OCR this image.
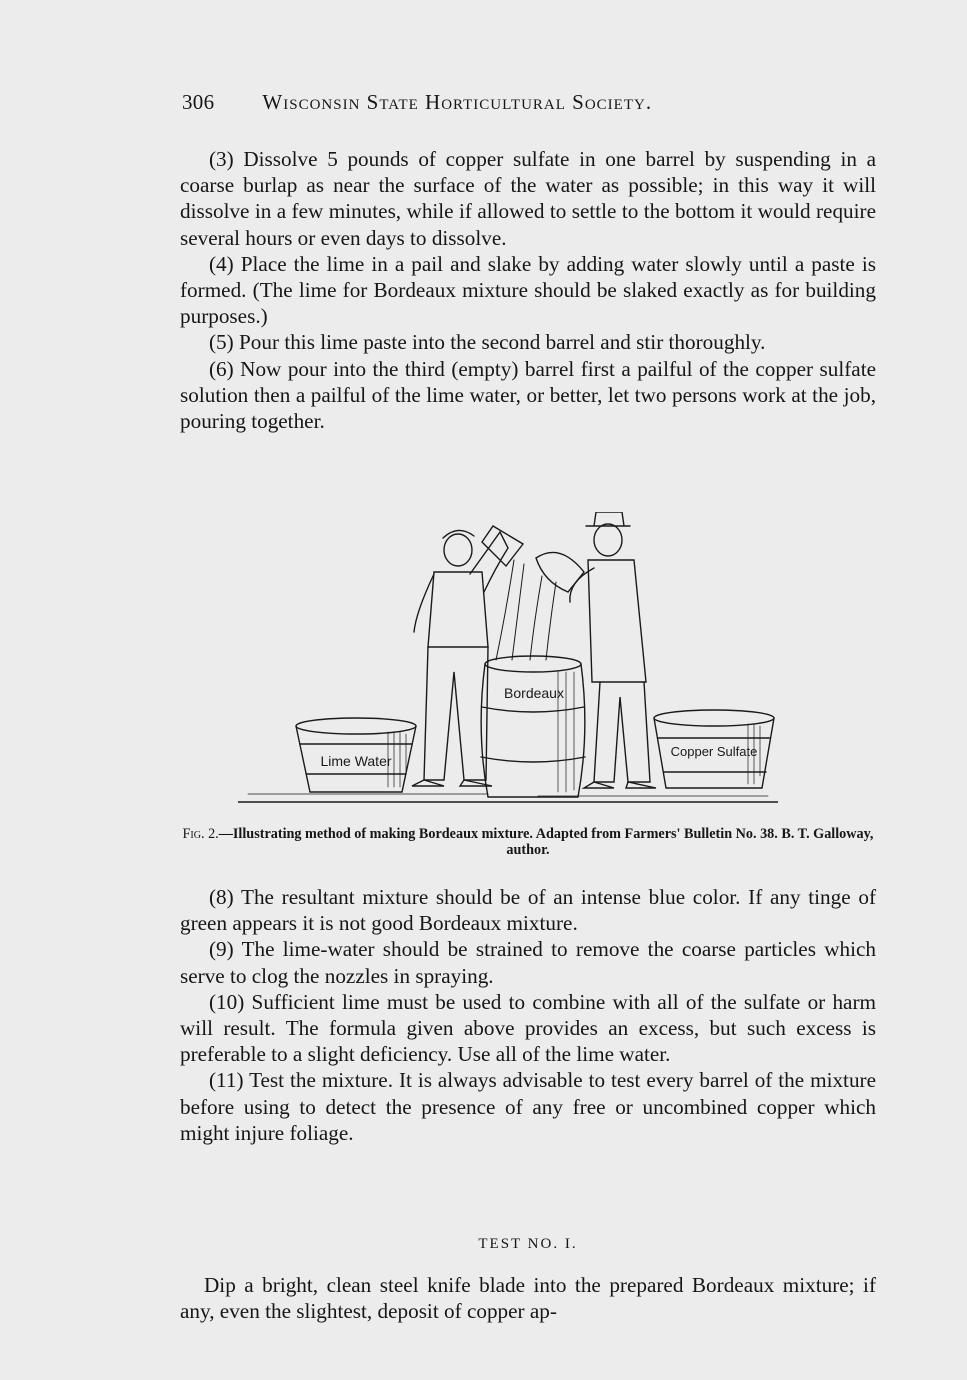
306 Wisconsin State Horticultural Society.

(3) Dissolve 5 pounds of copper sulfate in one barrel by suspending in a coarse burlap as near the surface of the water as possible; in this way it will dissolve in a few minutes, while if allowed to settle to the bottom it would require several hours or even days to dissolve.

(4) Place the lime in a pail and slake by adding water slowly until a paste is formed. (The lime for Bordeaux mixture should be slaked exactly as for building purposes.)

(5) Pour this lime paste into the second barrel and stir thoroughly.

(6) Now pour into the third (empty) barrel first a pailful of the copper sulfate solution then a pailful of the lime water, or better, let two persons work at the job, pouring together.

Lime Water
Bordeaux
Copper Sulfate
Fig. 2.—Illustrating method of making Bordeaux mixture. Adapted from Farmers' Bulletin No. 38. B. T. Galloway, author.

(8) The resultant mixture should be of an intense blue color. If any tinge of green appears it is not good Bordeaux mixture.

(9) The lime-water should be strained to remove the coarse particles which serve to clog the nozzles in spraying.

(10) Sufficient lime must be used to combine with all of the sulfate or harm will result. The formula given above provides an excess, but such excess is preferable to a slight deficiency. Use all of the lime water.

(11) Test the mixture. It is always advisable to test every barrel of the mixture before using to detect the presence of any free or uncombined copper which might injure foliage.

TEST NO. I.

Dip a bright, clean steel knife blade into the prepared Bordeaux mixture; if any, even the slightest, deposit of copper ap-
